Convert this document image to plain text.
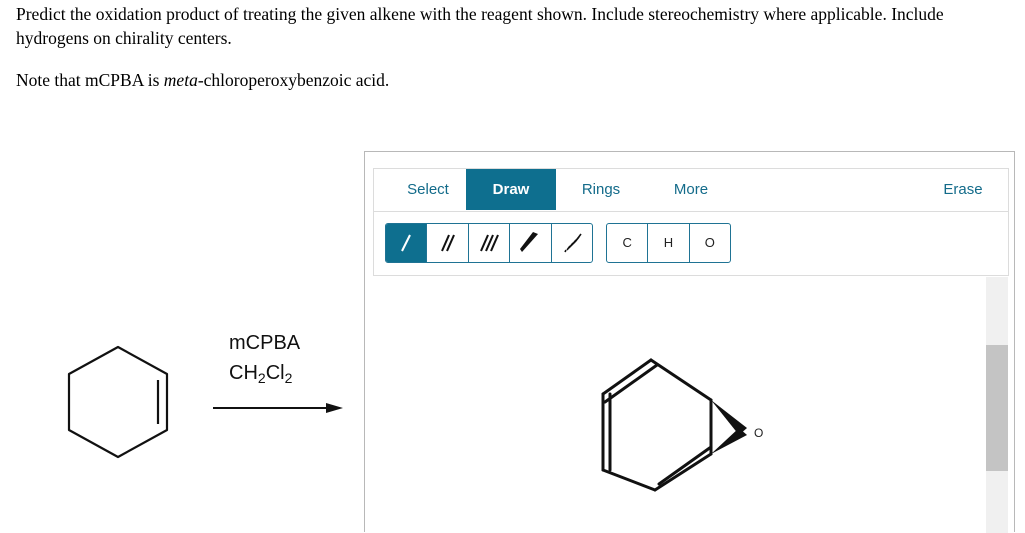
Predict the oxidation product of treating the given alkene with the reagent shown. Include stereochemistry where applicable. Include hydrogens on chirality centers.
Note that mCPBA is meta-chloroperoxybenzoic acid.
mCPBA
$CH_2Cl_2$
O
Select	Draw	Rings	More	Erase
C	H	O
